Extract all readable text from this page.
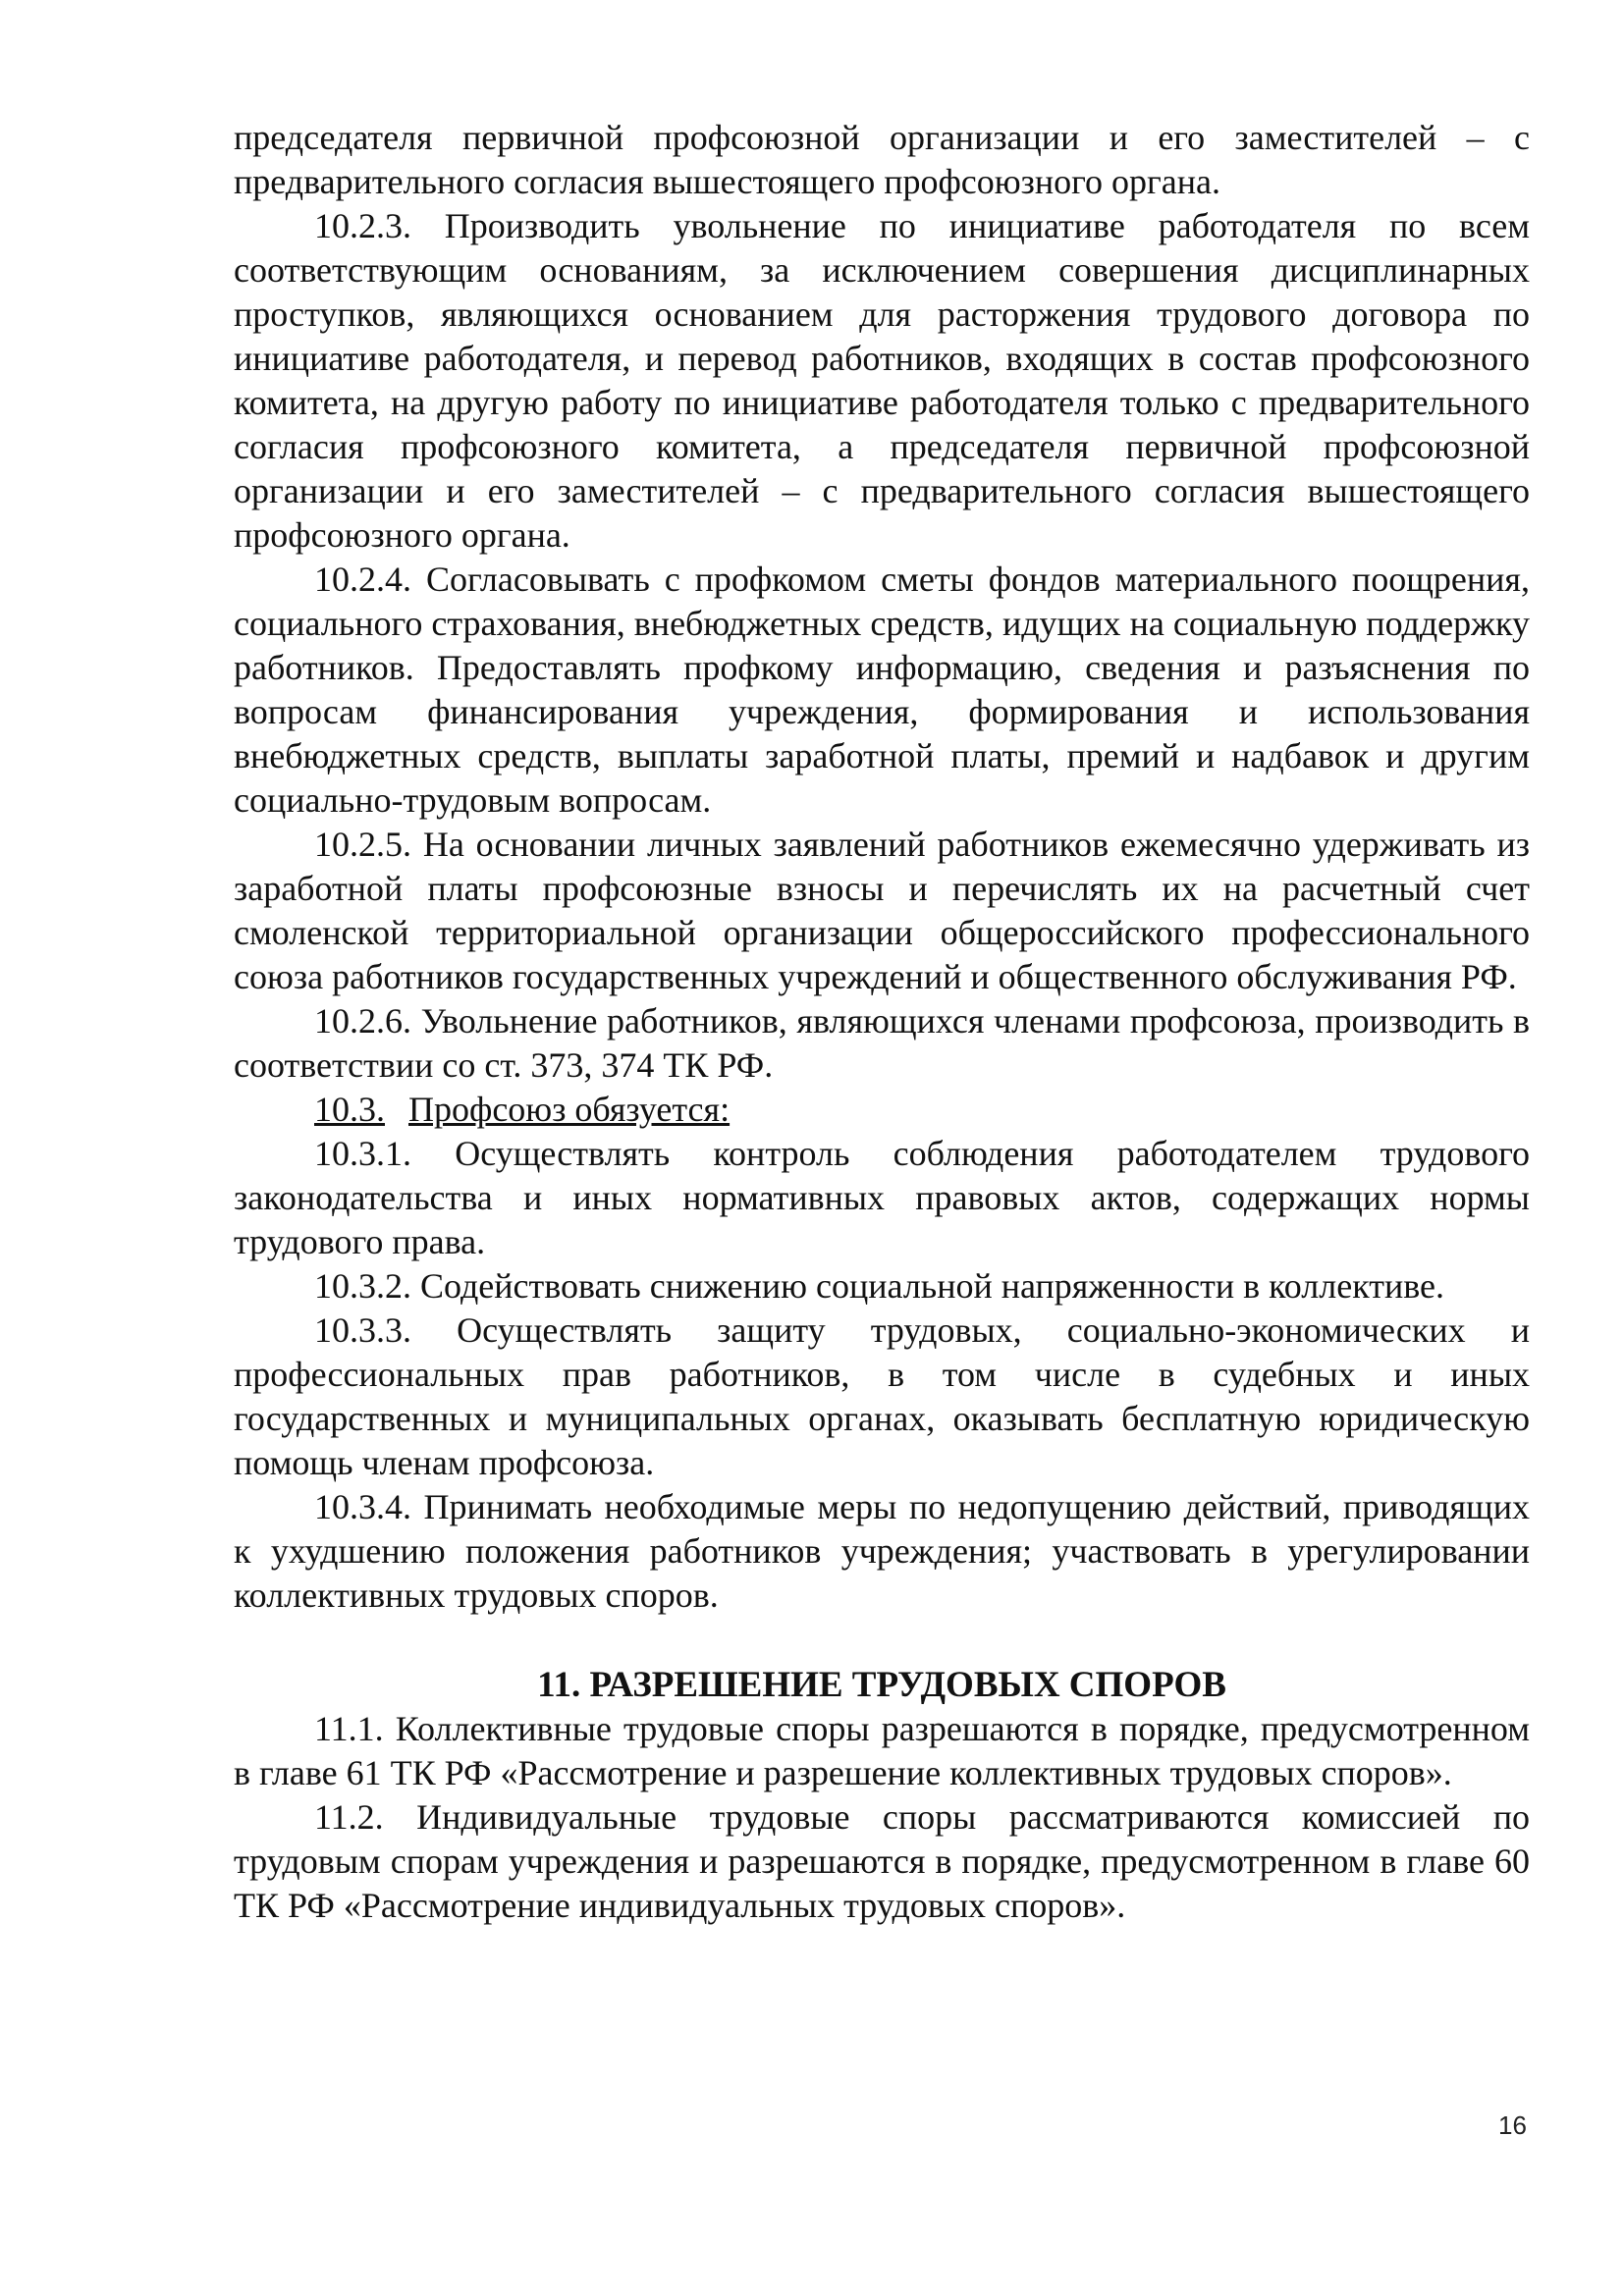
председателя первичной профсоюзной организации и его заместителей – с предварительного согласия вышестоящего профсоюзного органа.

10.2.3. Производить увольнение по инициативе работодателя по всем соответствующим основаниям, за исключением совершения дисциплинарных проступков, являющихся основанием для расторжения трудового договора по инициативе работодателя, и перевод работников, входящих в состав профсоюзного комитета, на другую работу по инициативе работодателя только с предварительного согласия профсоюзного комитета, а председателя первичной профсоюзной организации и его заместителей – с предварительного согласия вышестоящего профсоюзного органа.

10.2.4. Согласовывать с профкомом сметы фондов материального поощрения, социального страхования, внебюджетных средств, идущих на социальную поддержку работников. Предоставлять профкому информацию, сведения и разъяснения по вопросам финансирования учреждения, формирования и использования внебюджетных средств, выплаты заработной платы, премий и надбавок и другим социально-трудовым вопросам.

10.2.5. На основании личных заявлений работников ежемесячно удерживать из заработной платы профсоюзные взносы и перечислять их на расчетный счет смоленской территориальной организации общероссийского профессионального союза работников государственных учреждений и общественного обслуживания РФ.

10.2.6. Увольнение работников, являющихся членами профсоюза, производить в соответствии со ст. 373, 374 ТК РФ.

10.3. Профсоюз обязуется:

10.3.1. Осуществлять контроль соблюдения работодателем трудового законодательства и иных нормативных правовых актов, содержащих нормы трудового права.

10.3.2. Содействовать снижению социальной напряженности в коллективе.

10.3.3. Осуществлять защиту трудовых, социально-экономических и профессиональных прав работников, в том числе в судебных и иных государственных и муниципальных органах, оказывать бесплатную юридическую помощь членам профсоюза.

10.3.4. Принимать необходимые меры по недопущению действий, приводящих к ухудшению положения работников учреждения; участвовать в урегулировании коллективных трудовых споров.

11. РАЗРЕШЕНИЕ ТРУДОВЫХ СПОРОВ

11.1. Коллективные трудовые споры разрешаются в порядке, предусмотренном в главе 61 ТК РФ «Рассмотрение и разрешение коллективных трудовых споров».

11.2. Индивидуальные трудовые споры рассматриваются комиссией по трудовым спорам учреждения и разрешаются в порядке, предусмотренном в главе 60 ТК РФ «Рассмотрение индивидуальных трудовых споров».

16
